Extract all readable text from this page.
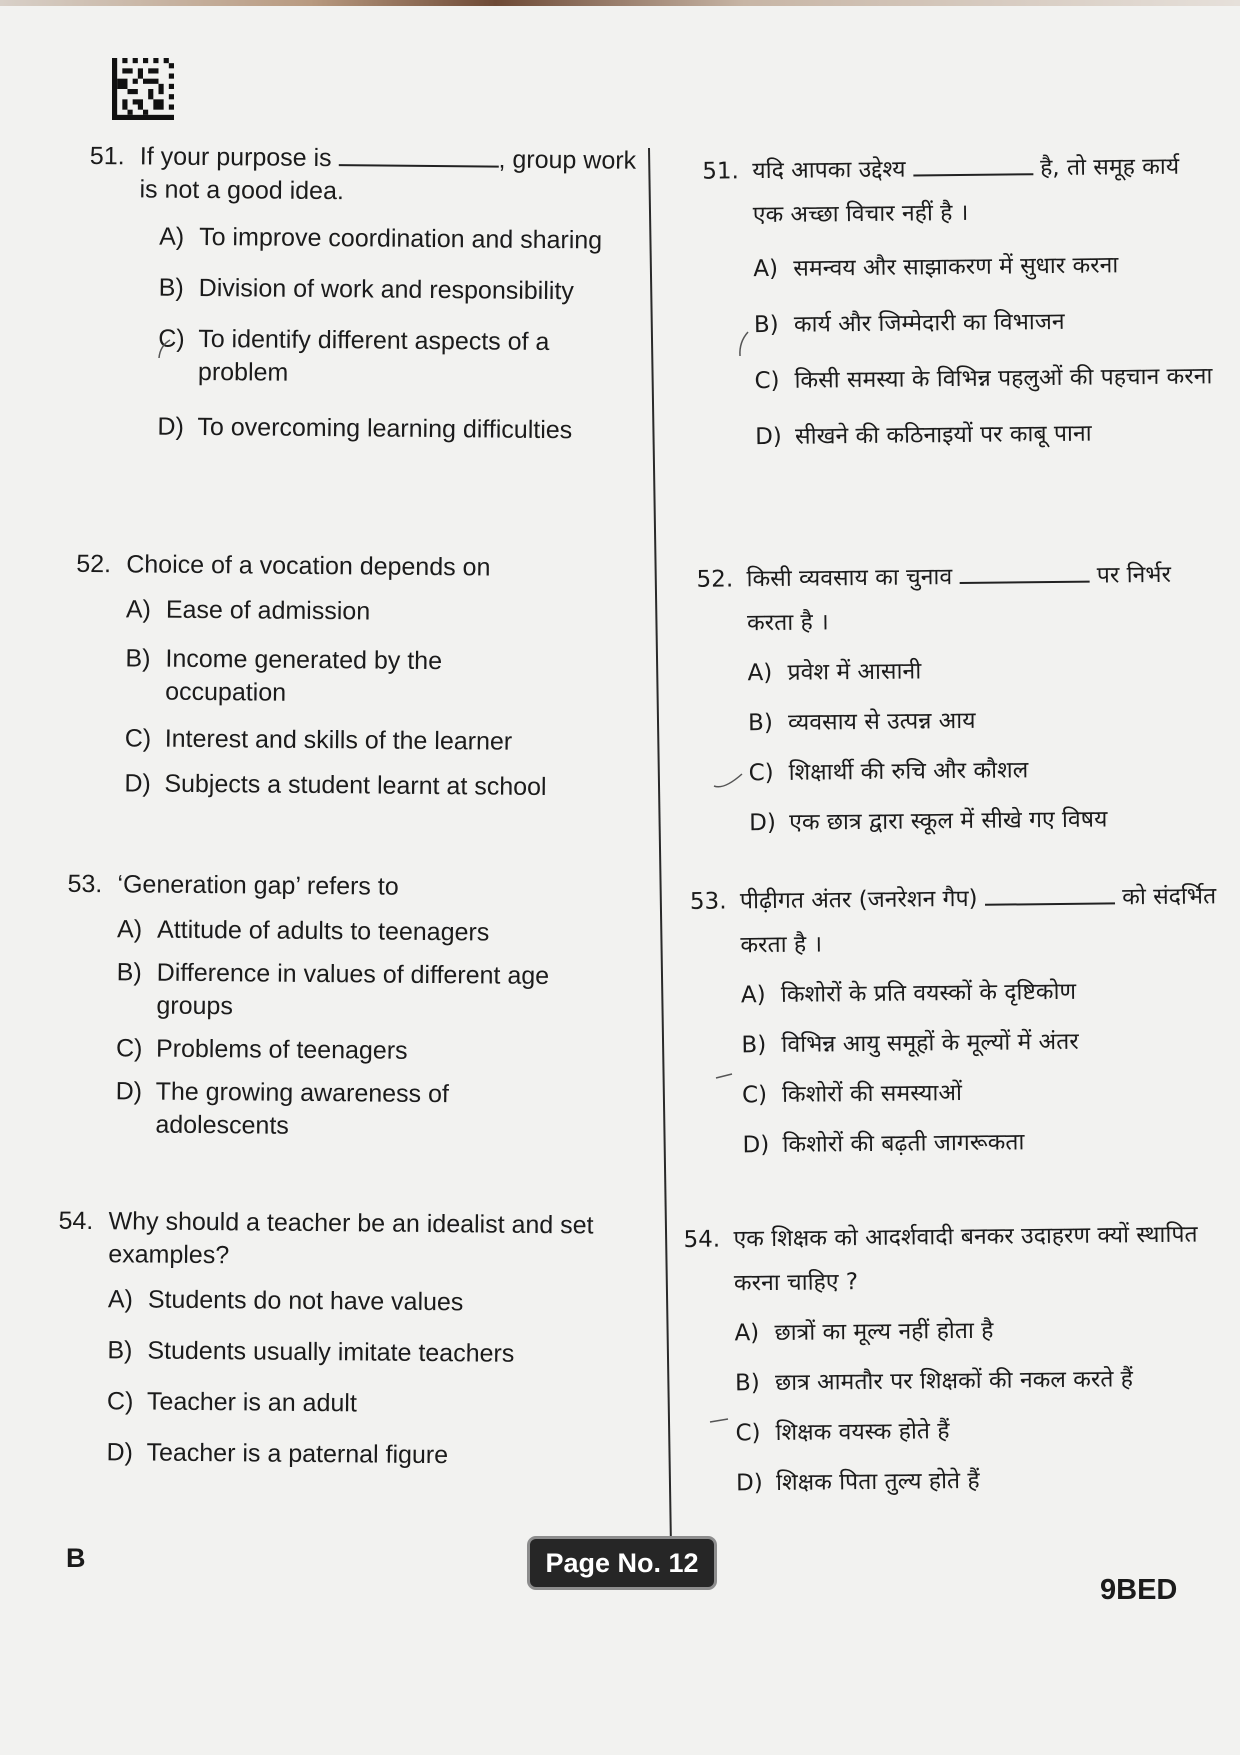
51. If your purpose is	, group work is not a good idea.
A) To improve coordination and sharing
B) Division of work and responsibility
C) To identify different aspects of a problem
D) To overcoming learning difficulties
52. Choice of a vocation depends on
A) Ease of admission
B) Income generated by the occupation
C) Interest and skills of the learner
D) Subjects a student learnt at school
53. ‘Generation gap’ refers to
A) Attitude of adults to teenagers
B) Difference in values of different age groups
C) Problems of teenagers
D) The growing awareness of adolescents
54. Why should a teacher be an idealist and set examples?
A) Students do not have values
B) Students usually imitate teachers
C) Teacher is an adult
D) Teacher is a paternal figure
51. यदि आपका उद्देश्य	है, तो समूह कार्य एक अच्छा विचार नहीं है ।
A) समन्वय और साझाकरण में सुधार करना
B) कार्य और जिम्मेदारी का विभाजन
C) किसी समस्या के विभिन्न पहलुओं की पहचान करना
D) सीखने की कठिनाइयों पर काबू पाना
52. किसी व्यवसाय का चुनाव	पर निर्भर करता है ।
A) प्रवेश में आसानी
B) व्यवसाय से उत्पन्न आय
C) शिक्षार्थी की रुचि और कौशल
D) एक छात्र द्वारा स्कूल में सीखे गए विषय
53. पीढ़ीगत अंतर (जनरेशन गैप)	को संदर्भित करता है ।
A) किशोरों के प्रति वयस्कों के दृष्टिकोण
B) विभिन्न आयु समूहों के मूल्यों में अंतर
C) किशोरों की समस्याओं
D) किशोरों की बढ़ती जागरूकता
54. एक शिक्षक को आदर्शवादी बनकर उदाहरण क्यों स्थापित करना चाहिए ?
A) छात्रों का मूल्य नहीं होता है
B) छात्र आमतौर पर शिक्षकों की नकल करते हैं
C) शिक्षक वयस्क होते हैं
D) शिक्षक पिता तुल्य होते हैं
B	Page No. 12
9BED
